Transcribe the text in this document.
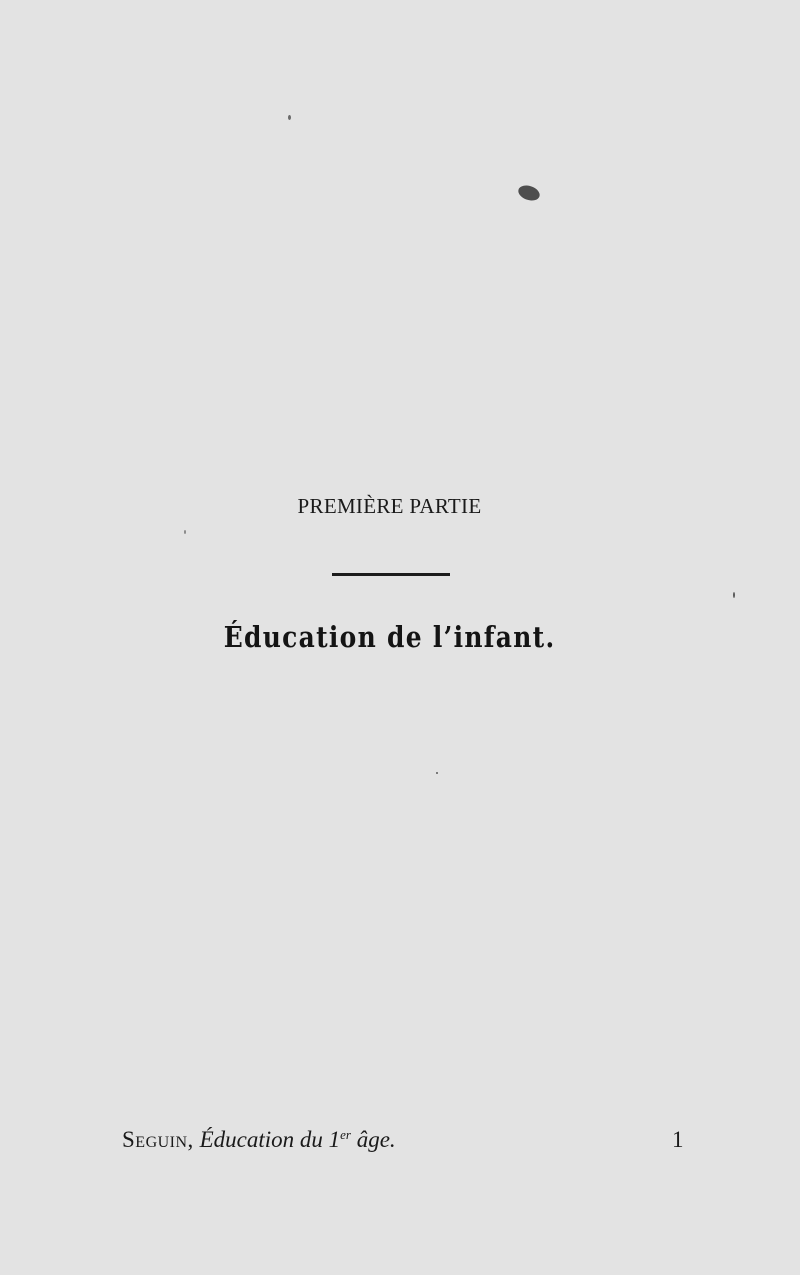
PREMIÈRE PARTIE
Éducation de l’infant.
Seguin, Éducation du 1er âge.	1
